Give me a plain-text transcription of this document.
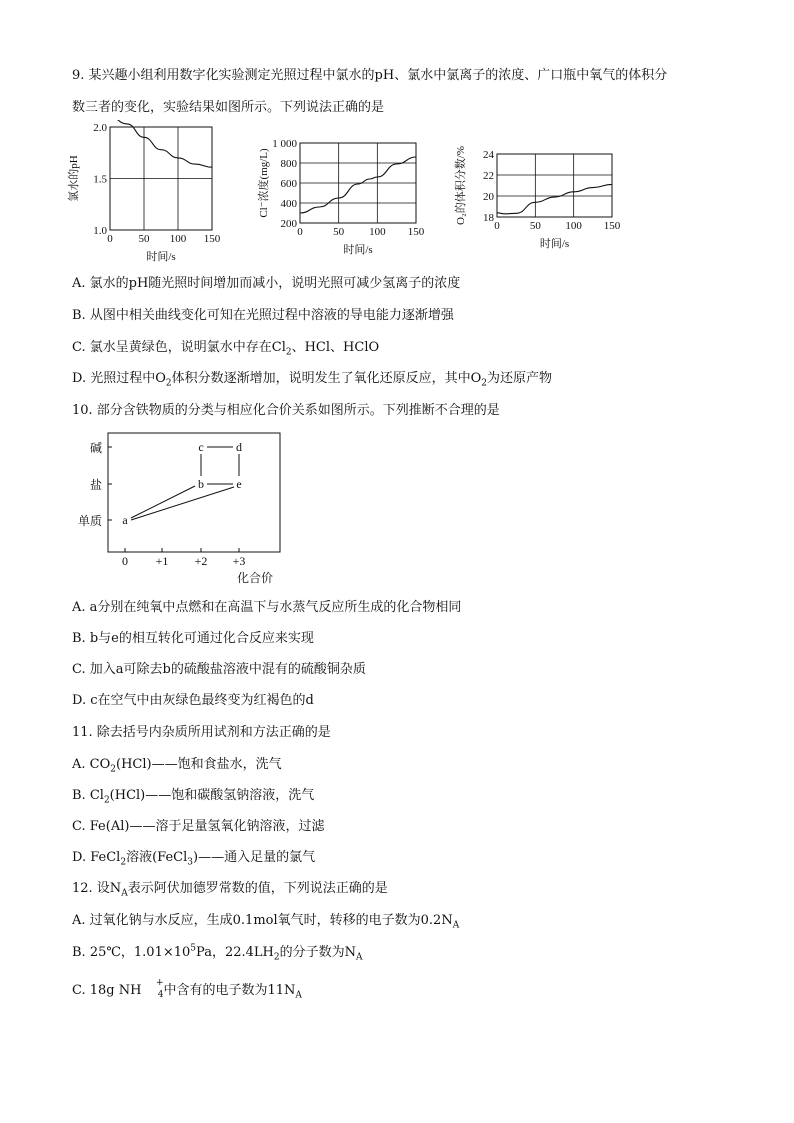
9. 某兴趣小组利用数字化实验测定光照过程中氯水的pH、氯水中氯离子的浓度、广口瓶中氧气的体积分
数三者的变化，实验结果如图所示。下列说法正确的是
0 50 100 150
1.0
1.5
2.0
时间/s
氯水的pH
0	50 100 150
200
400
600
800
1 000
时间/s
Cl⁻浓度(mg/L)
0	50 100 150
18
20
22
24
时间/s
O₂的体积分数/%
A. 氯水的pH随光照时间增加而减小，说明光照可减少氢离子的浓度
B. 从图中相关曲线变化可知在光照过程中溶液的导电能力逐渐增强
C. 氯水呈黄绿色，说明氯水中存在$Cl_2$、HCl、HClO
D. 光照过程中$O_2$体积分数逐渐增加，说明发生了氧化还原反应，其中$O_2$为还原产物
10. 部分含铁物质的分类与相应化合价关系如图所示。下列推断不合理的是
0 +1 +2 +3
碱
盐
单质
化合价
a
b
c	d
e
A. a分别在纯氧中点燃和在高温下与水蒸气反应所生成的化合物相同
B. b与e的相互转化可通过化合反应来实现
C. 加入a可除去b的硫酸盐溶液中混有的硫酸铜杂质
D. c在空气中由灰绿色最终变为红褐色的d
11. 除去括号内杂质所用试剂和方法正确的是
A. $CO_2(HCl)——$饱和食盐水，洗气
B. $Cl_2(HCl)——$饱和碳酸氢钠溶液，洗气
C. Fe(Al)——溶于足量氢氧化钠溶液，过滤
D. FeCl$_2$溶液(FeCl$_3$)——通入足量的氯气
12. 设$N_A$表示阿伏加德罗常数的值，下列说法正确的是
A. 过氧化钠与水反应，生成0.1mol氧气时，转移的电子数为$0.2N_A$
B. 25℃，$1.01\times 10^5Pa$，$22.4LH_2$的分子数为$N_A$
C. 18g NH +
4 中含有的电子数为$11N_A$
